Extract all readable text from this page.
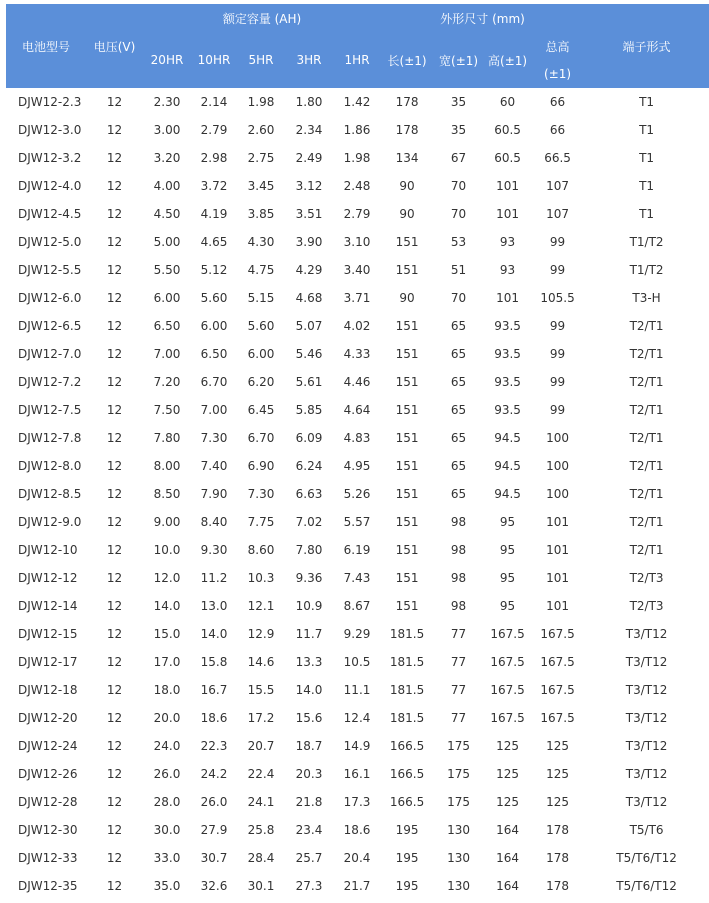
电池型号	电压(V)	额定容量 (AH)					外形尺寸 (mm)				端子形式
		20HR	10HR	5HR	3HR	1HR	长(±1)	宽(±1)	高(±1)	总高	
										(±1)	
DJW12-2.3	12	2.30	2.14	1.98	1.80	1.42	178	35	60	66	T1
DJW12-3.0	12	3.00	2.79	2.60	2.34	1.86	178	35	60.5	66	T1
DJW12-3.2	12	3.20	2.98	2.75	2.49	1.98	134	67	60.5	66.5	T1
DJW12-4.0	12	4.00	3.72	3.45	3.12	2.48	90	70	101	107	T1
DJW12-4.5	12	4.50	4.19	3.85	3.51	2.79	90	70	101	107	T1
DJW12-5.0	12	5.00	4.65	4.30	3.90	3.10	151	53	93	99	T1/T2
DJW12-5.5	12	5.50	5.12	4.75	4.29	3.40	151	51	93	99	T1/T2
DJW12-6.0	12	6.00	5.60	5.15	4.68	3.71	90	70	101	105.5	T3-H
DJW12-6.5	12	6.50	6.00	5.60	5.07	4.02	151	65	93.5	99	T2/T1
DJW12-7.0	12	7.00	6.50	6.00	5.46	4.33	151	65	93.5	99	T2/T1
DJW12-7.2	12	7.20	6.70	6.20	5.61	4.46	151	65	93.5	99	T2/T1
DJW12-7.5	12	7.50	7.00	6.45	5.85	4.64	151	65	93.5	99	T2/T1
DJW12-7.8	12	7.80	7.30	6.70	6.09	4.83	151	65	94.5	100	T2/T1
DJW12-8.0	12	8.00	7.40	6.90	6.24	4.95	151	65	94.5	100	T2/T1
DJW12-8.5	12	8.50	7.90	7.30	6.63	5.26	151	65	94.5	100	T2/T1
DJW12-9.0	12	9.00	8.40	7.75	7.02	5.57	151	98	95	101	T2/T1
DJW12-10	12	10.0	9.30	8.60	7.80	6.19	151	98	95	101	T2/T1
DJW12-12	12	12.0	11.2	10.3	9.36	7.43	151	98	95	101	T2/T3
DJW12-14	12	14.0	13.0	12.1	10.9	8.67	151	98	95	101	T2/T3
DJW12-15	12	15.0	14.0	12.9	11.7	9.29	181.5	77	167.5	167.5	T3/T12
DJW12-17	12	17.0	15.8	14.6	13.3	10.5	181.5	77	167.5	167.5	T3/T12
DJW12-18	12	18.0	16.7	15.5	14.0	11.1	181.5	77	167.5	167.5	T3/T12
DJW12-20	12	20.0	18.6	17.2	15.6	12.4	181.5	77	167.5	167.5	T3/T12
DJW12-24	12	24.0	22.3	20.7	18.7	14.9	166.5	175	125	125	T3/T12
DJW12-26	12	26.0	24.2	22.4	20.3	16.1	166.5	175	125	125	T3/T12
DJW12-28	12	28.0	26.0	24.1	21.8	17.3	166.5	175	125	125	T3/T12
DJW12-30	12	30.0	27.9	25.8	23.4	18.6	195	130	164	178	T5/T6
DJW12-33	12	33.0	30.7	28.4	25.7	20.4	195	130	164	178	T5/T6/T12
DJW12-35	12	35.0	32.6	30.1	27.3	21.7	195	130	164	178	T5/T6/T12
